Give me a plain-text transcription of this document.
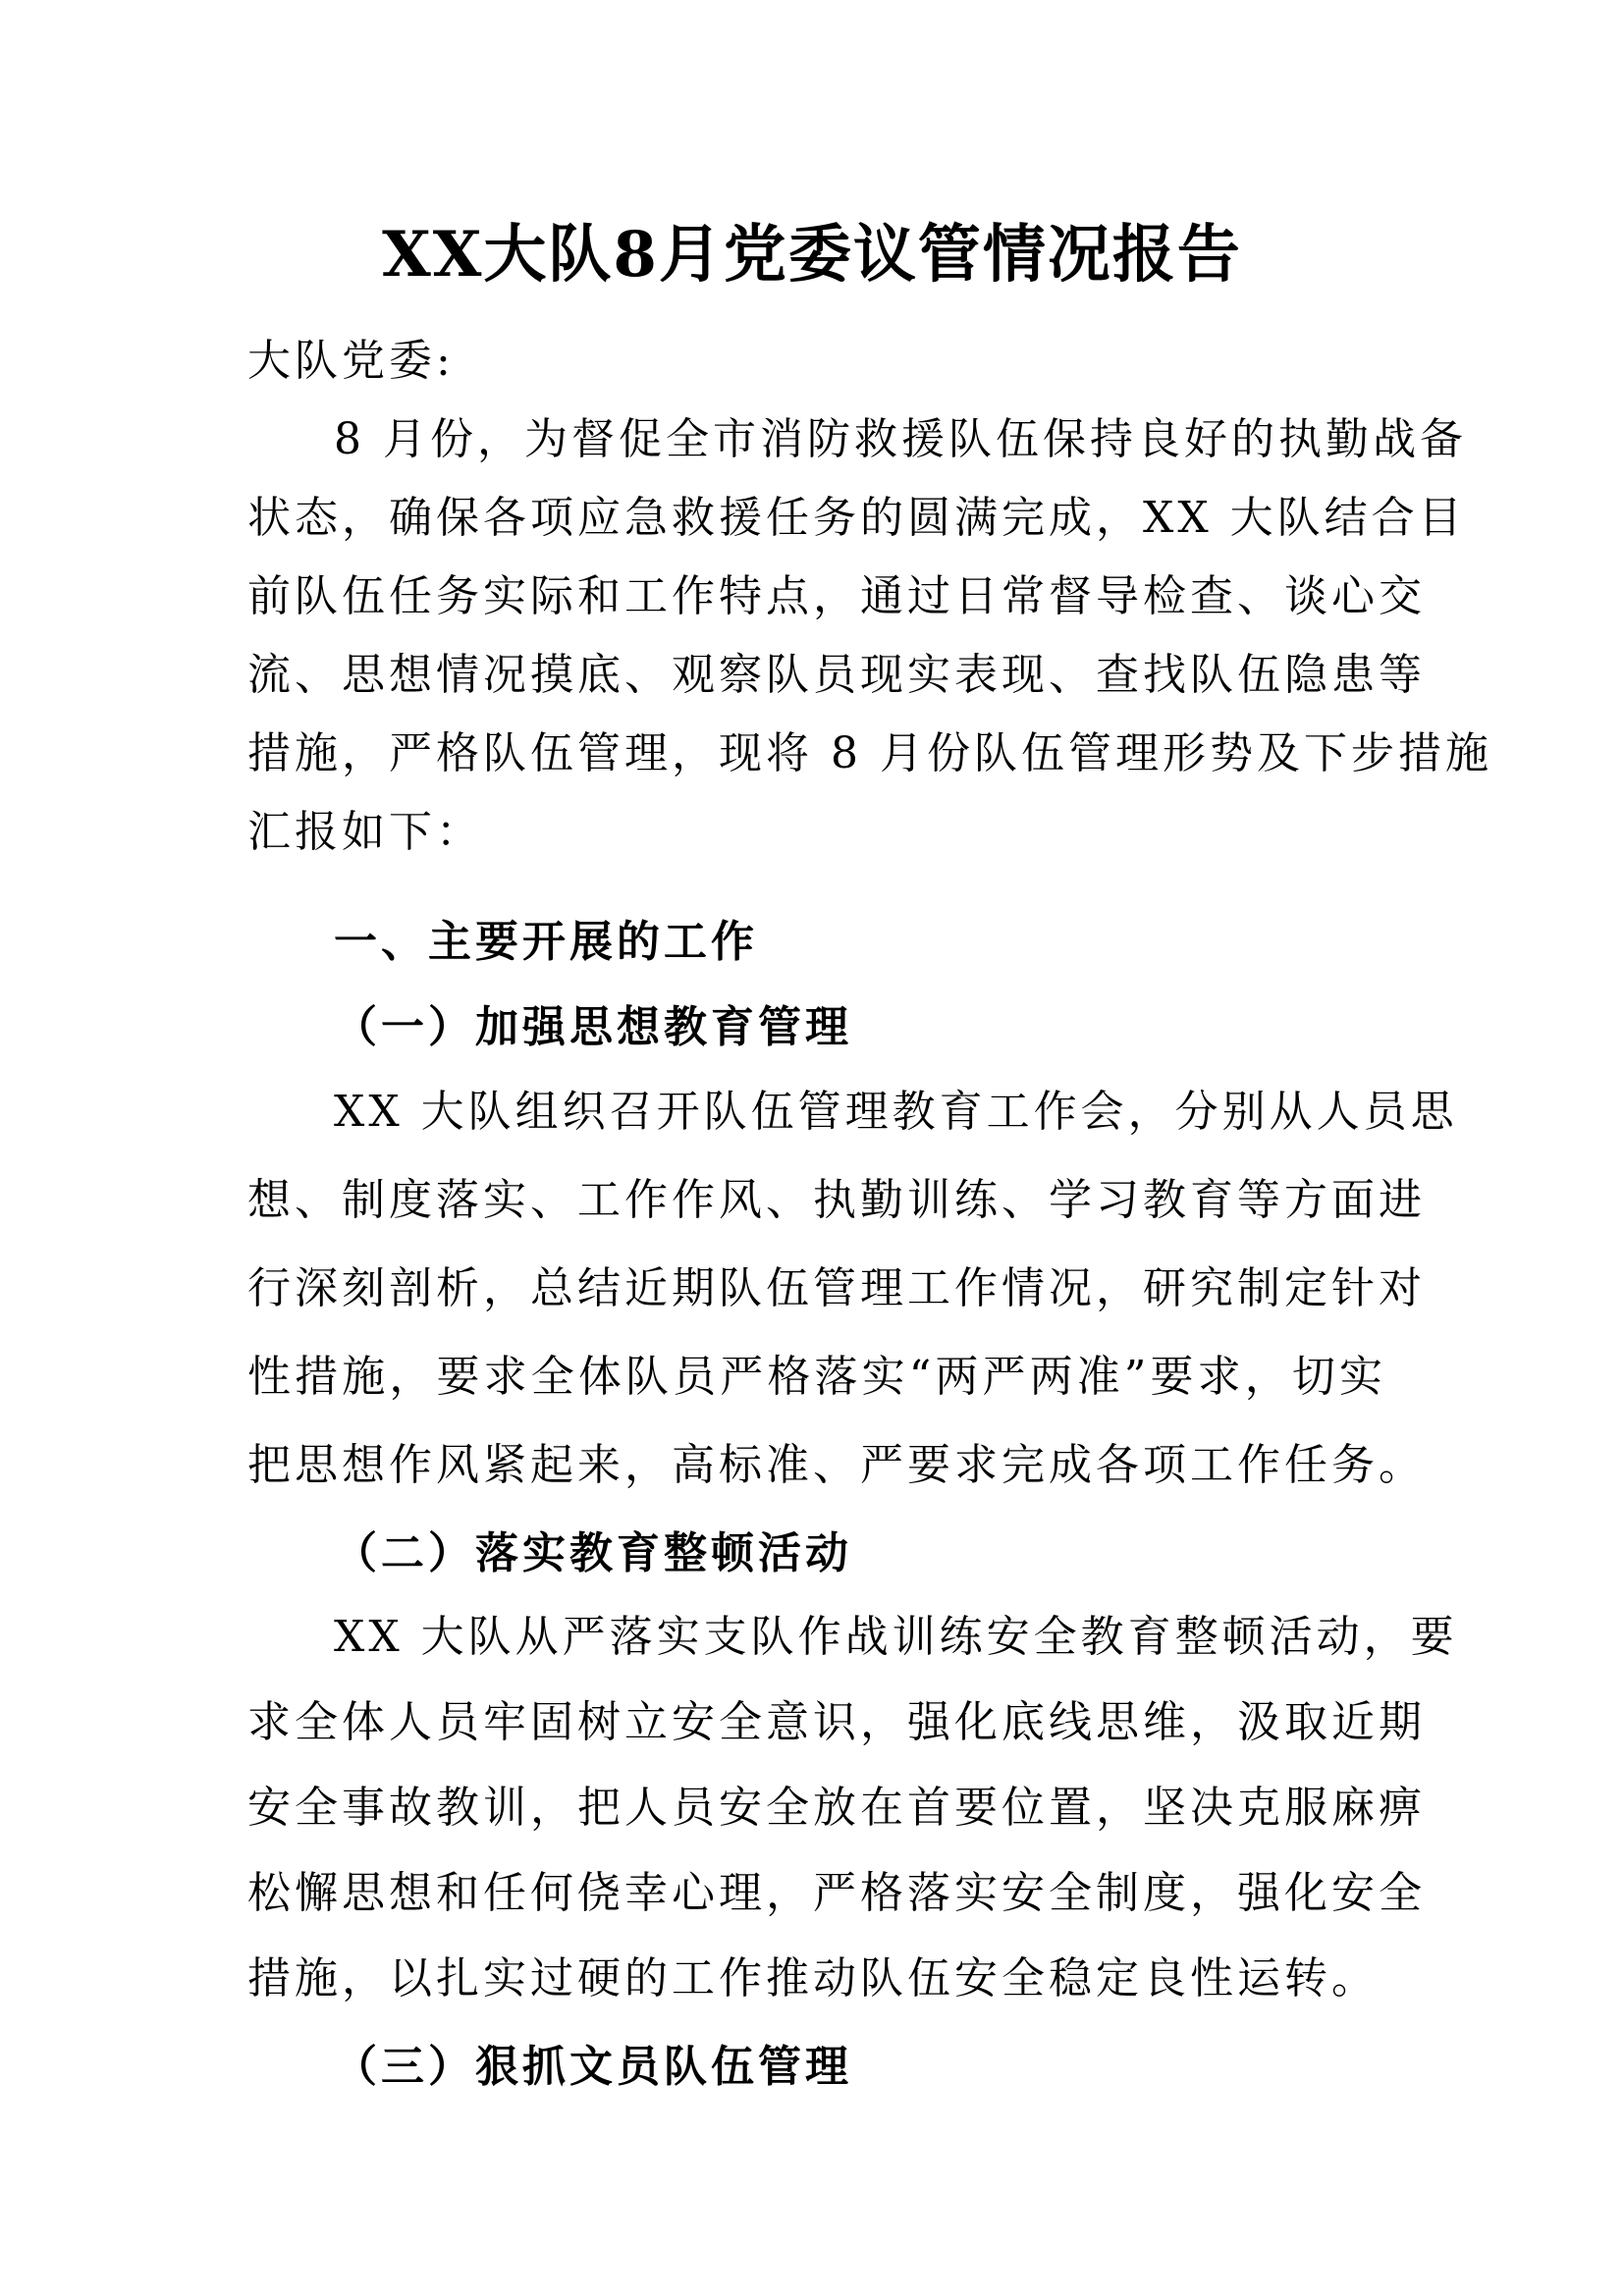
XX大队8月党委议管情况报告
大队党委:
8 月份，为督促全市消防救援队伍保持良好的执勤战备
状态，确保各项应急救援任务的圆满完成，XX 大队结合目
前队伍任务实际和工作特点，通过日常督导检查、谈心交
流、思想情况摸底、观察队员现实表现、查找队伍隐患等
措施，严格队伍管理，现将 8 月份队伍管理形势及下步措施
汇报如下：
一、主要开展的工作
（一）加强思想教育管理
XX 大队组织召开队伍管理教育工作会，分别从人员思
想、制度落实、工作作风、执勤训练、学习教育等方面进
行深刻剖析，总结近期队伍管理工作情况，研究制定针对
性措施，要求全体队员严格落实“两严两准”要求，切实
把思想作风紧起来，高标准、严要求完成各项工作任务。
（二）落实教育整顿活动
XX 大队从严落实支队作战训练安全教育整顿活动，要
求全体人员牢固树立安全意识，强化底线思维，汲取近期
安全事故教训，把人员安全放在首要位置，坚决克服麻痹
松懈思想和任何侥幸心理，严格落实安全制度，强化安全
措施，以扎实过硬的工作推动队伍安全稳定良性运转。
（三）狠抓文员队伍管理
